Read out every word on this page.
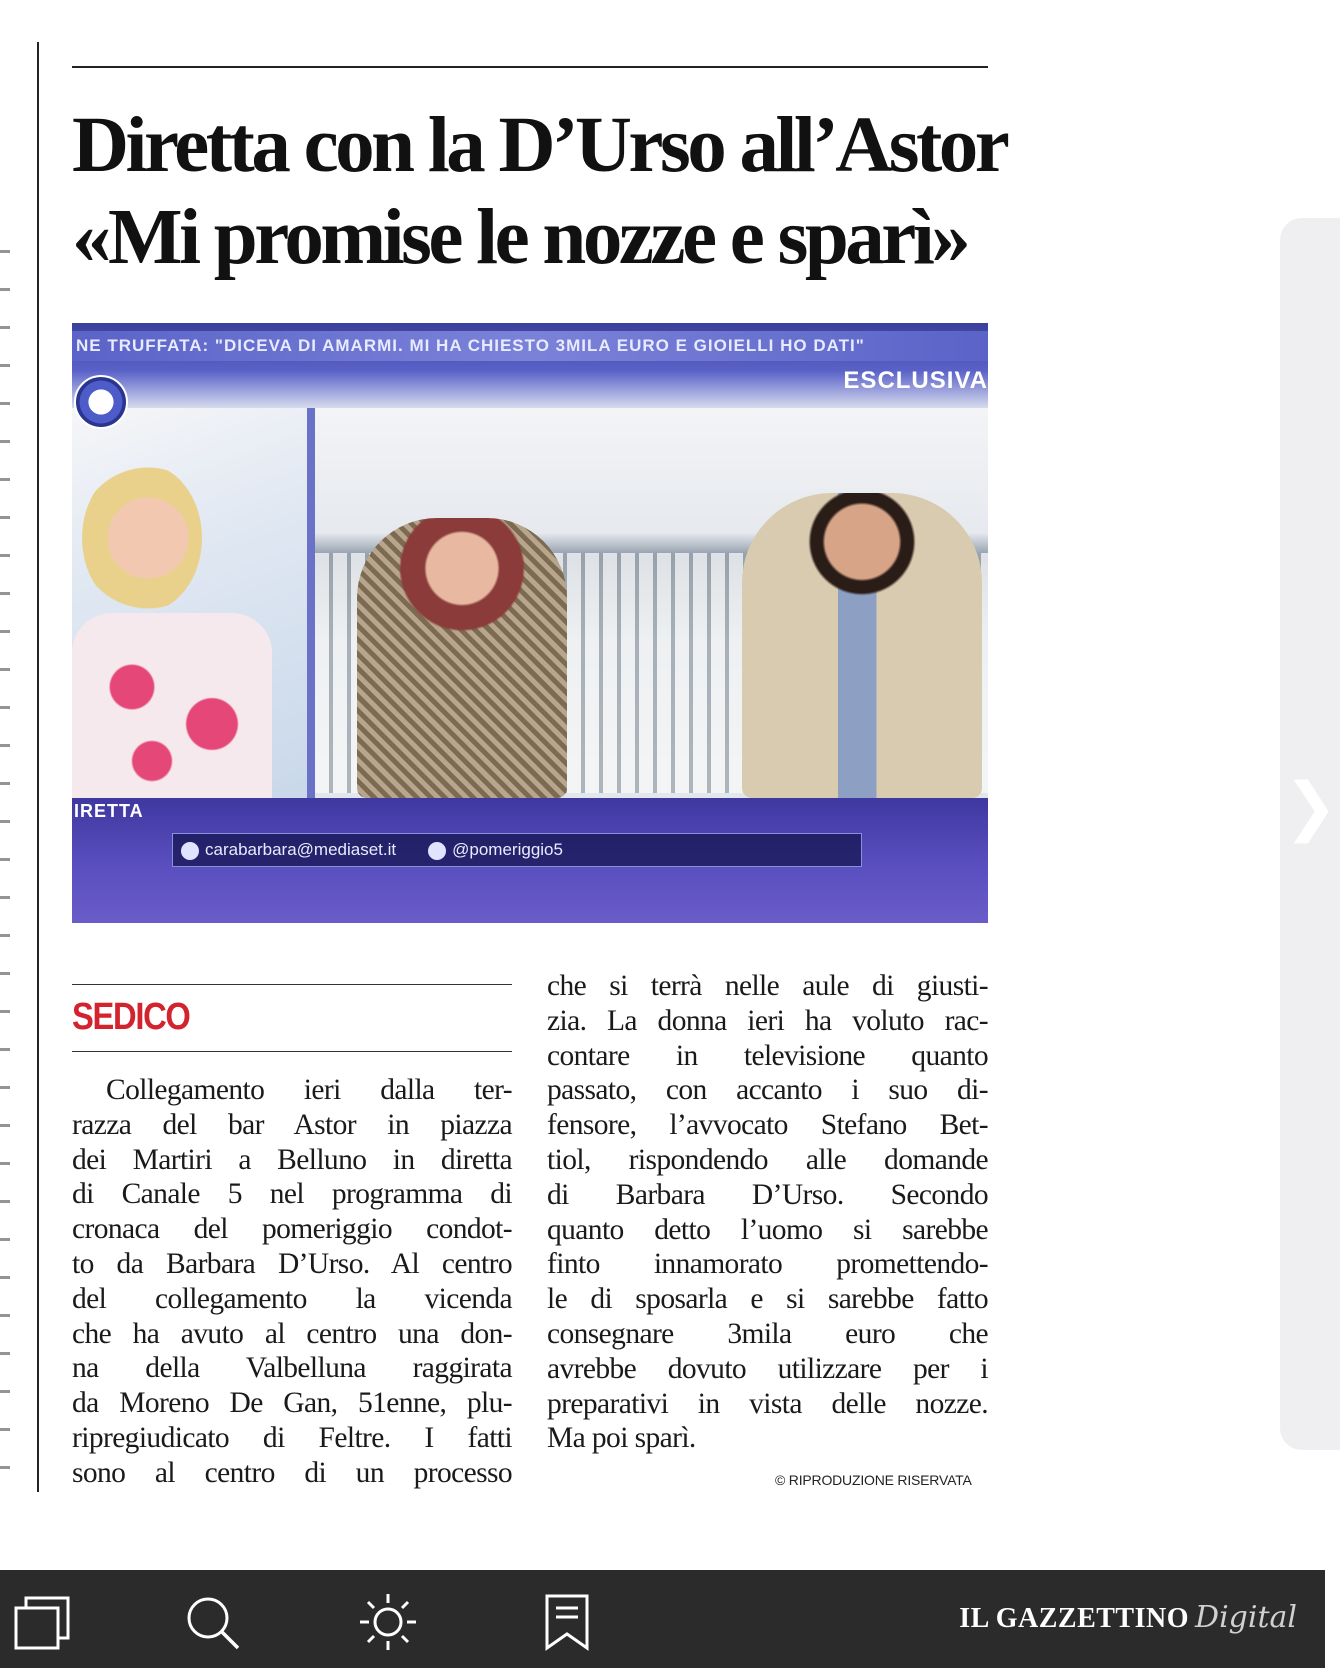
Diretta con la D’Urso all’Astor
«Mi promise le nozze e sparì»
NE TRUFFATA: "DICEVA DI AMARMI. MI HA CHIESTO 3MILA EURO E GIOIELLI HO DATI"
ESCLUSIVA
IRETTA
carabarbara@mediaset.it	@pomeriggio5
SEDICO
Collegamento ieri dalla ter-
razza del bar Astor in piazza
dei Martiri a Belluno in diretta
di Canale 5 nel programma di
cronaca del pomeriggio condot-
to da Barbara D’Urso. Al centro
del collegamento la vicenda
che ha avuto al centro una don-
na della Valbelluna raggirata
da Moreno De Gan, 51enne, plu-
ripregiudicato di Feltre. I fatti
sono al centro di un processo
che si terrà nelle aule di giusti-
zia. La donna ieri ha voluto rac-
contare in televisione quanto
passato, con accanto i suo di-
fensore, l’avvocato Stefano Bet-
tiol, rispondendo alle domande
di Barbara D’Urso. Secondo
quanto detto l’uomo si sarebbe
finto innamorato promettendo-
le di sposarla e si sarebbe fatto
consegnare 3mila euro che
avrebbe dovuto utilizzare per i
preparativi in vista delle nozze.
Ma poi sparì.
© RIPRODUZIONE RISERVATA
❯
IL GAZZETTINO Digital
